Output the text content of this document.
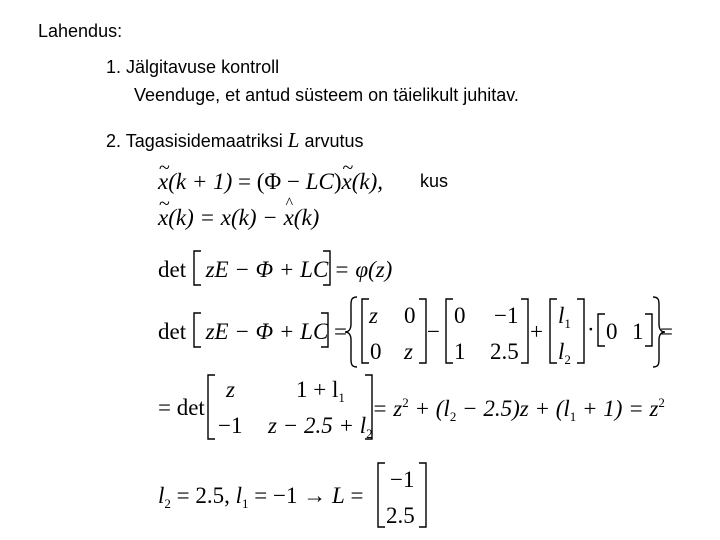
Lahendus:
1. Jälgitavuse kontroll
Veenduge, et antud süsteem on täielikult juhitav.
2. Tagasisidemaatriksi L arvutus
~ x(k + 1) = (Φ − LC)~ x(k), kus
~ x(k) = x(k) − ^ x(k)
det zE − Φ + LC = φ(z)
det zE − Φ + LC =
z 0
0 z
−
0 −1
1 2.5
+
$l_1$
$l_2$
· 0 1 =
= det
z	$1 + l_1$
−1 $z - 2.5 + l_2$
= $z^2 + (l_2 - 2.5)z + (l_1 + 1) = z^2$
$l_2 = 2.5$, $l_1 = -1 \to L$ =
−1
2.5
